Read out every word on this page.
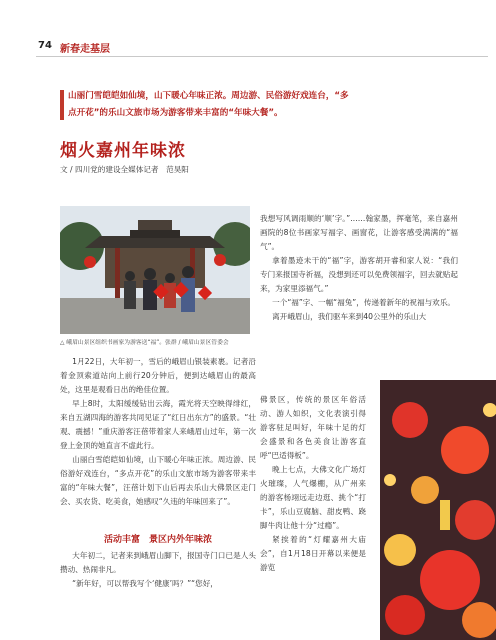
74 新春走基层
山丽门雪皑皑如仙境，山下暖心年味正浓。周边游、民俗游好戏连台，“多点开花”的乐山文旅市场为游客带来丰富的“年味大餐”。
烟火嘉州年味浓
文 / 四川党的建设全媒体记者　范昊阳
△ 峨眉山景区组织书画家为游客送“福”。张群 / 峨眉山景区管委会

1月22日，大年初一，雪后的峨眉山银装素裹。记者沿着金顶索道站向上前行20分钟后，便到达峨眉山的最高处，这里是观看日出的绝佳位置。

早上8时，太阳缓缓钻出云海，霞光将天空映得绯红，来自五湖四海的游客共同见证了“红日出东方”的盛景。“壮观、震撼！”重庆游客汪蓓带着家人来峨眉山过年，第一次登上金顶的她直言不虚此行。

山丽白雪皑皑如仙境，山下暖心年味正浓。周边游、民俗游好戏连台，“多点开花”的乐山文旅市场为游客带来丰富的“年味大餐”，汪蓓计划下山后再去乐山大佛景区走门会、买农货、吃美食，她感叹“久违的年味回来了”。

活动丰富　景区内外年味浓

大年初二，记者来到峨眉山脚下，报国寺门口已是人头攒动、热闹非凡。

“新年好，可以帮我写个‘健康’吗？”“您好，

我想写风调雨顺的‘顺’字。”……翰家墨，挥毫笔，来自嘉州画院的8位书画家写福字、画窗花，让游客感受满满的“福气”。

拿着墨迹未干的“福”字，游客胡开睿和家人说：“我们专门来报国寺祈福，没想到还可以免费领福字，回去就贴起来，为家里添福气。”

一个“福”字、一幅“福兔”，传递着新年的祝福与欢乐。

离开峨眉山，我们驱车来到40公里外的乐山大

佛景区，传统的景区年俗活动、游人如织，文化表演引得游客驻足叫好，年味十足的灯会盛景和各色美食让游客直呼“巴适得板”。

晚上七点，大佛文化广场灯火璀璨，人气爆棚，从广州来的游客杨翊远走边逛、挑个“打卡”，乐山豆腐脑、甜皮鸭、跷脚牛肉让他十分“过瘾”。

紧挨着的“灯耀嘉州大庙会”，自1月18日开幕以来便是游览
